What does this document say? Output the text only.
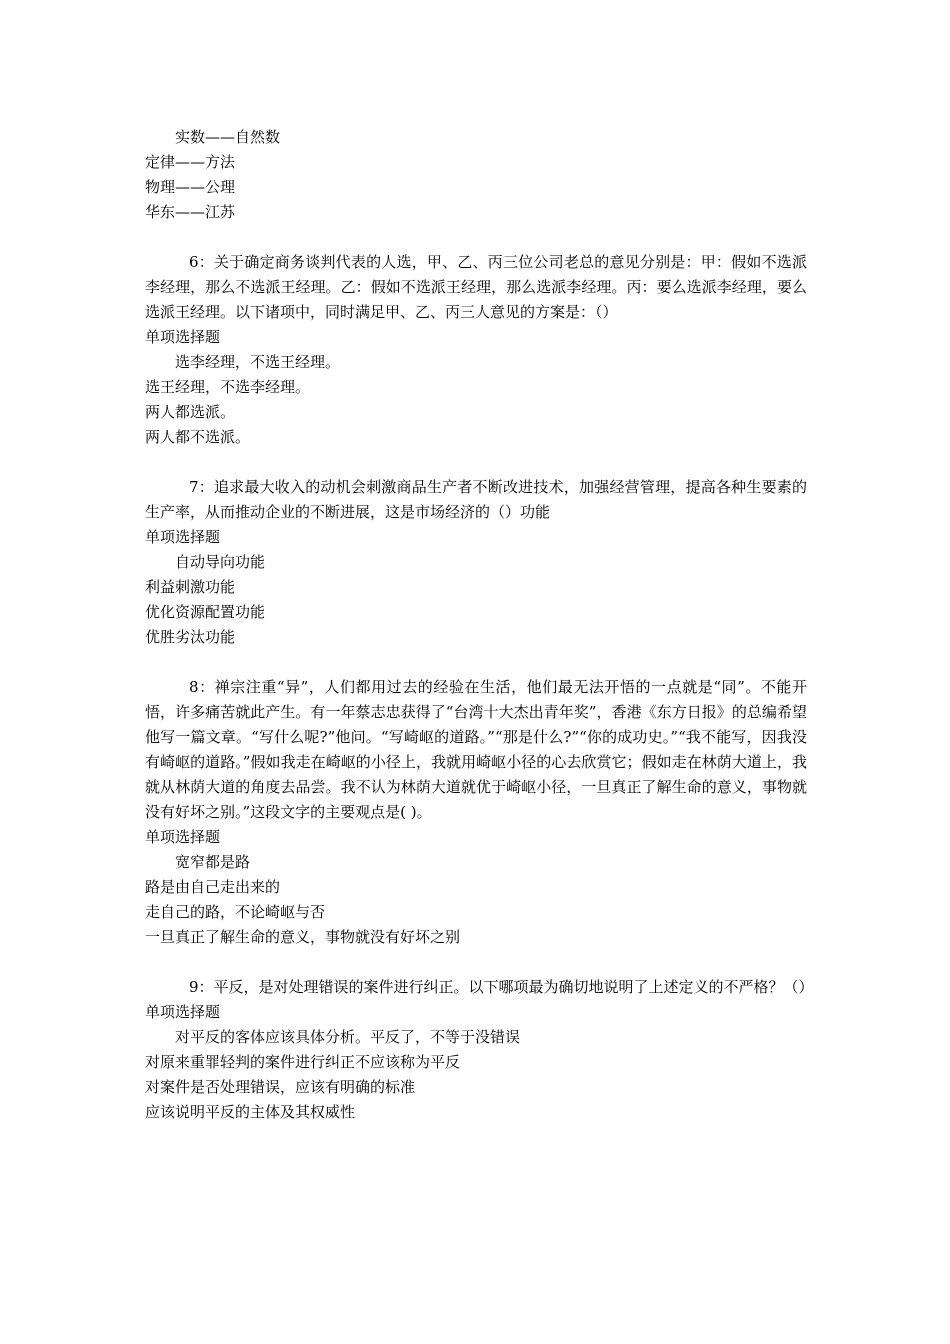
实数——自然数

定律——方法

物理——公理

华东——江苏

6：关于确定商务谈判代表的人选，甲、乙、丙三位公司老总的意见分别是：甲：假如不选派李经理，那么不选派王经理。乙：假如不选派王经理，那么选派李经理。丙：要么选派李经理，要么选派王经理。以下诸项中，同时满足甲、乙、丙三人意见的方案是：（）

单项选择题

选李经理，不选王经理。

选王经理，不选李经理。

两人都选派。

两人都不选派。

7：追求最大收入的动机会刺激商品生产者不断改进技术，加强经营管理，提高各种生要素的生产率，从而推动企业的不断进展，这是市场经济的（）功能

单项选择题

自动导向功能

利益刺激功能

优化资源配置功能

优胜劣汰功能

8：禅宗注重“异”，人们都用过去的经验在生活，他们最无法开悟的一点就是“同”。不能开悟，许多痛苦就此产生。有一年蔡志忠获得了“台湾十大杰出青年奖”，香港《东方日报》的总编希望他写一篇文章。“写什么呢?”他问。“写崎岖的道路。”“那是什么?”“你的成功史。”“我不能写，因我没有崎岖的道路。”假如我走在崎岖的小径上，我就用崎岖小径的心去欣赏它；假如走在林荫大道上，我就从林荫大道的角度去品尝。我不认为林荫大道就优于崎岖小径，一旦真正了解生命的意义，事物就没有好坏之别。”这段文字的主要观点是( )。

单项选择题

宽窄都是路

路是由自己走出来的

走自己的路，不论崎岖与否

一旦真正了解生命的意义，事物就没有好坏之别

9：平反，是对处理错误的案件进行纠正。以下哪项最为确切地说明了上述定义的不严格？（）

单项选择题

对平反的客体应该具体分析。平反了，不等于没错误

对原来重罪轻判的案件进行纠正不应该称为平反

对案件是否处理错误，应该有明确的标准

应该说明平反的主体及其权威性
